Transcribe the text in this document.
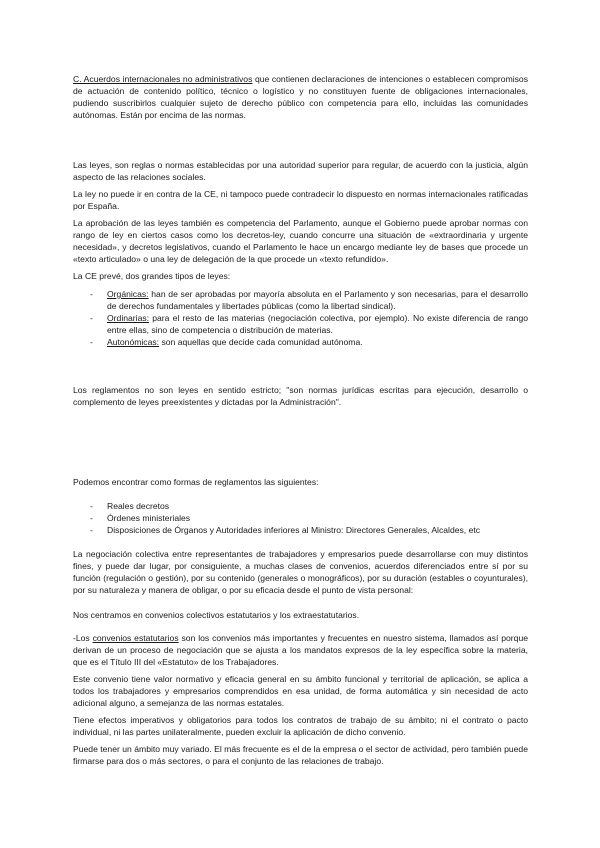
C. Acuerdos internacionales no administrativos que contienen declaraciones de intenciones o establecen compromisos de actuación de contenido político, técnico o logístico y no constituyen fuente de obligaciones internacionales, pudiendo suscribirlos cualquier sujeto de derecho público con competencia para ello, incluidas las comunidades autónomas. Están por encima de las normas.

Las leyes, son reglas o normas establecidas por una autoridad superior para regular, de acuerdo con la justicia, algún aspecto de las relaciones sociales.

La ley no puede ir en contra de la CE, ni tampoco puede contradecir lo dispuesto en normas internacionales ratificadas por España.

La aprobación de las leyes también es competencia del Parlamento, aunque el Gobierno puede aprobar normas con rango de ley en ciertos casos como los decretos-ley, cuando concurre una situación de «extraordinaria y urgente necesidad», y decretos legislativos, cuando el Parlamento le hace un encargo mediante ley de bases que procede un «texto articulado» o una ley de delegación de la que procede un «texto refundido».

La CE prevé, dos grandes tipos de leyes:

- Orgánicas: han de ser aprobadas por mayoría absoluta en el Parlamento y son necesarias, para el desarrollo de derechos fundamentales y libertades públicas (como la libertad sindical).
- Ordinarias: para el resto de las materias (negociación colectiva, por ejemplo). No existe diferencia de rango entre ellas, sino de competencia o distribución de materias.
- Autonómicas: son aquellas que decide cada comunidad autónoma.

Los reglamentos no son leyes en sentido estricto; "son normas jurídicas escritas para ejecución, desarrollo o complemento de leyes preexistentes y dictadas por la Administración".

Podemos encontrar como formas de reglamentos las siguientes:

- Reales decretos
- Órdenes ministeriales
- Disposiciones de Órganos y Autoridades inferiores al Ministro: Directores Generales, Alcaldes, etc

La negociación colectiva entre representantes de trabajadores y empresarios puede desarrollarse con muy distintos fines, y puede dar lugar, por consiguiente, a muchas clases de convenios, acuerdos diferenciados entre sí por su función (regulación o gestión), por su contenido (generales o monográficos), por su duración (estables o coyunturales), por su naturaleza y manera de obligar, o por su eficacia desde el punto de vista personal:

Nos centramos en convenios colectivos estatutarios y los extraestatutarios.

-Los convenios estatutarios son los convenios más importantes y frecuentes en nuestro sistema, llamados así porque derivan de un proceso de negociación que se ajusta a los mandatos expresos de la ley específica sobre la materia, que es el Título III del «Estatuto» de los Trabajadores.

Este convenio tiene valor normativo y eficacia general en su ámbito funcional y territorial de aplicación, se aplica a todos los trabajadores y empresarios comprendidos en esa unidad, de forma automática y sin necesidad de acto adicional alguno, a semejanza de las normas estatales.

Tiene efectos imperativos y obligatorios para todos los contratos de trabajo de su ámbito; ni el contrato o pacto individual, ni las partes unilateralmente, pueden excluir la aplicación de dicho convenio.

Puede tener un ámbito muy variado. El más frecuente es el de la empresa o el sector de actividad, pero también puede firmarse para dos o más sectores, o para el conjunto de las relaciones de trabajo.
